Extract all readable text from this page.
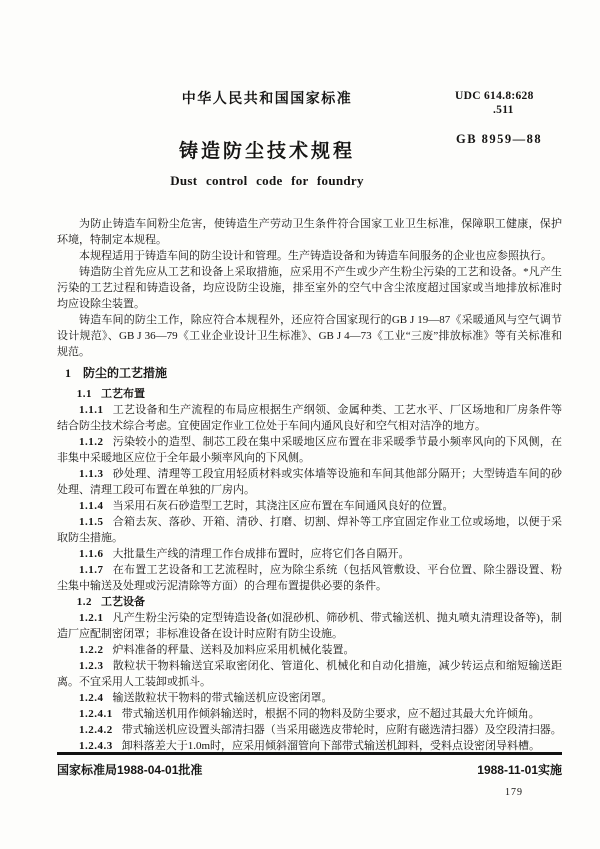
中华人民共和国国家标准	UDC 614.8:628
.511
GB 8959—88
铸造防尘技术规程
Dust control code for foundry

为防止铸造车间粉尘危害，使铸造生产劳动卫生条件符合国家工业卫生标准，保障职工健康，保护环境，特制定本规程。

本规程适用于铸造车间的防尘设计和管理。生产铸造设备和为铸造车间服务的企业也应参照执行。

铸造防尘首先应从工艺和设备上采取措施，应采用不产生或少产生粉尘污染的工艺和设备。*凡产生污染的工艺过程和铸造设备，均应设防尘设施，排至室外的空气中含尘浓度超过国家或当地排放标准时均应设除尘装置。

铸造车间的防尘工作，除应符合本规程外，还应符合国家现行的GB J 19—87《采暖通风与空气调节设计规范》、GB J 36—79《工业企业设计卫生标准》、GB J 4—73《工业“三废”排放标准》等有关标准和规范。

1 防尘的工艺措施

1.1 工艺布置

1.1.1 工艺设备和生产流程的布局应根据生产纲领、金属种类、工艺水平、厂区场地和厂房条件等结合防尘技术综合考虑。宜使固定作业工位处于车间内通风良好和空气相对洁净的地方。

1.1.2 污染较小的造型、制芯工段在集中采暖地区应布置在非采暖季节最小频率风向的下风侧，在非集中采暖地区应位于全年最小频率风向的下风侧。

1.1.3 砂处理、清理等工段宜用轻质材料或实体墙等设施和车间其他部分隔开；大型铸造车间的砂处理、清理工段可布置在单独的厂房内。

1.1.4 当采用石灰石砂造型工艺时，其浇注区应布置在车间通风良好的位置。

1.1.5 合箱去灰、落砂、开箱、清砂、打磨、切割、焊补等工序宜固定作业工位或场地，以便于采取防尘措施。

1.1.6 大批量生产线的清理工作台成排布置时，应将它们各自隔开。

1.1.7 在布置工艺设备和工艺流程时，应为除尘系统（包括风管敷设、平台位置、除尘器设置、粉尘集中输送及处理或污泥清除等方面）的合理布置提供必要的条件。

1.2 工艺设备

1.2.1 凡产生粉尘污染的定型铸造设备(如混砂机、筛砂机、带式输送机、抛丸喷丸清理设备等)，制造厂应配制密闭罩；非标准设备在设计时应附有防尘设施。

1.2.2 炉料准备的秤量、送料及加料应采用机械化装置。

1.2.3 散粒状干物料输送宜采取密闭化、管道化、机械化和自动化措施，减少转运点和缩短输送距离。不宜采用人工装卸或抓斗。

1.2.4 输送散粒状干物料的带式输送机应设密闭罩。

1.2.4.1 带式输送机用作倾斜输送时，根据不同的物料及防尘要求，应不超过其最大允许倾角。

1.2.4.2 带式输送机应设置头部清扫器（当采用磁选皮带轮时，应附有磁选清扫器）及空段清扫器。

1.2.4.3 卸料落差大于1.0m时，应采用倾斜溜管向下部带式输送机卸料，受料点设密闭导料槽。

国家标准局1988-04-01批准	1988-11-01实施
179
